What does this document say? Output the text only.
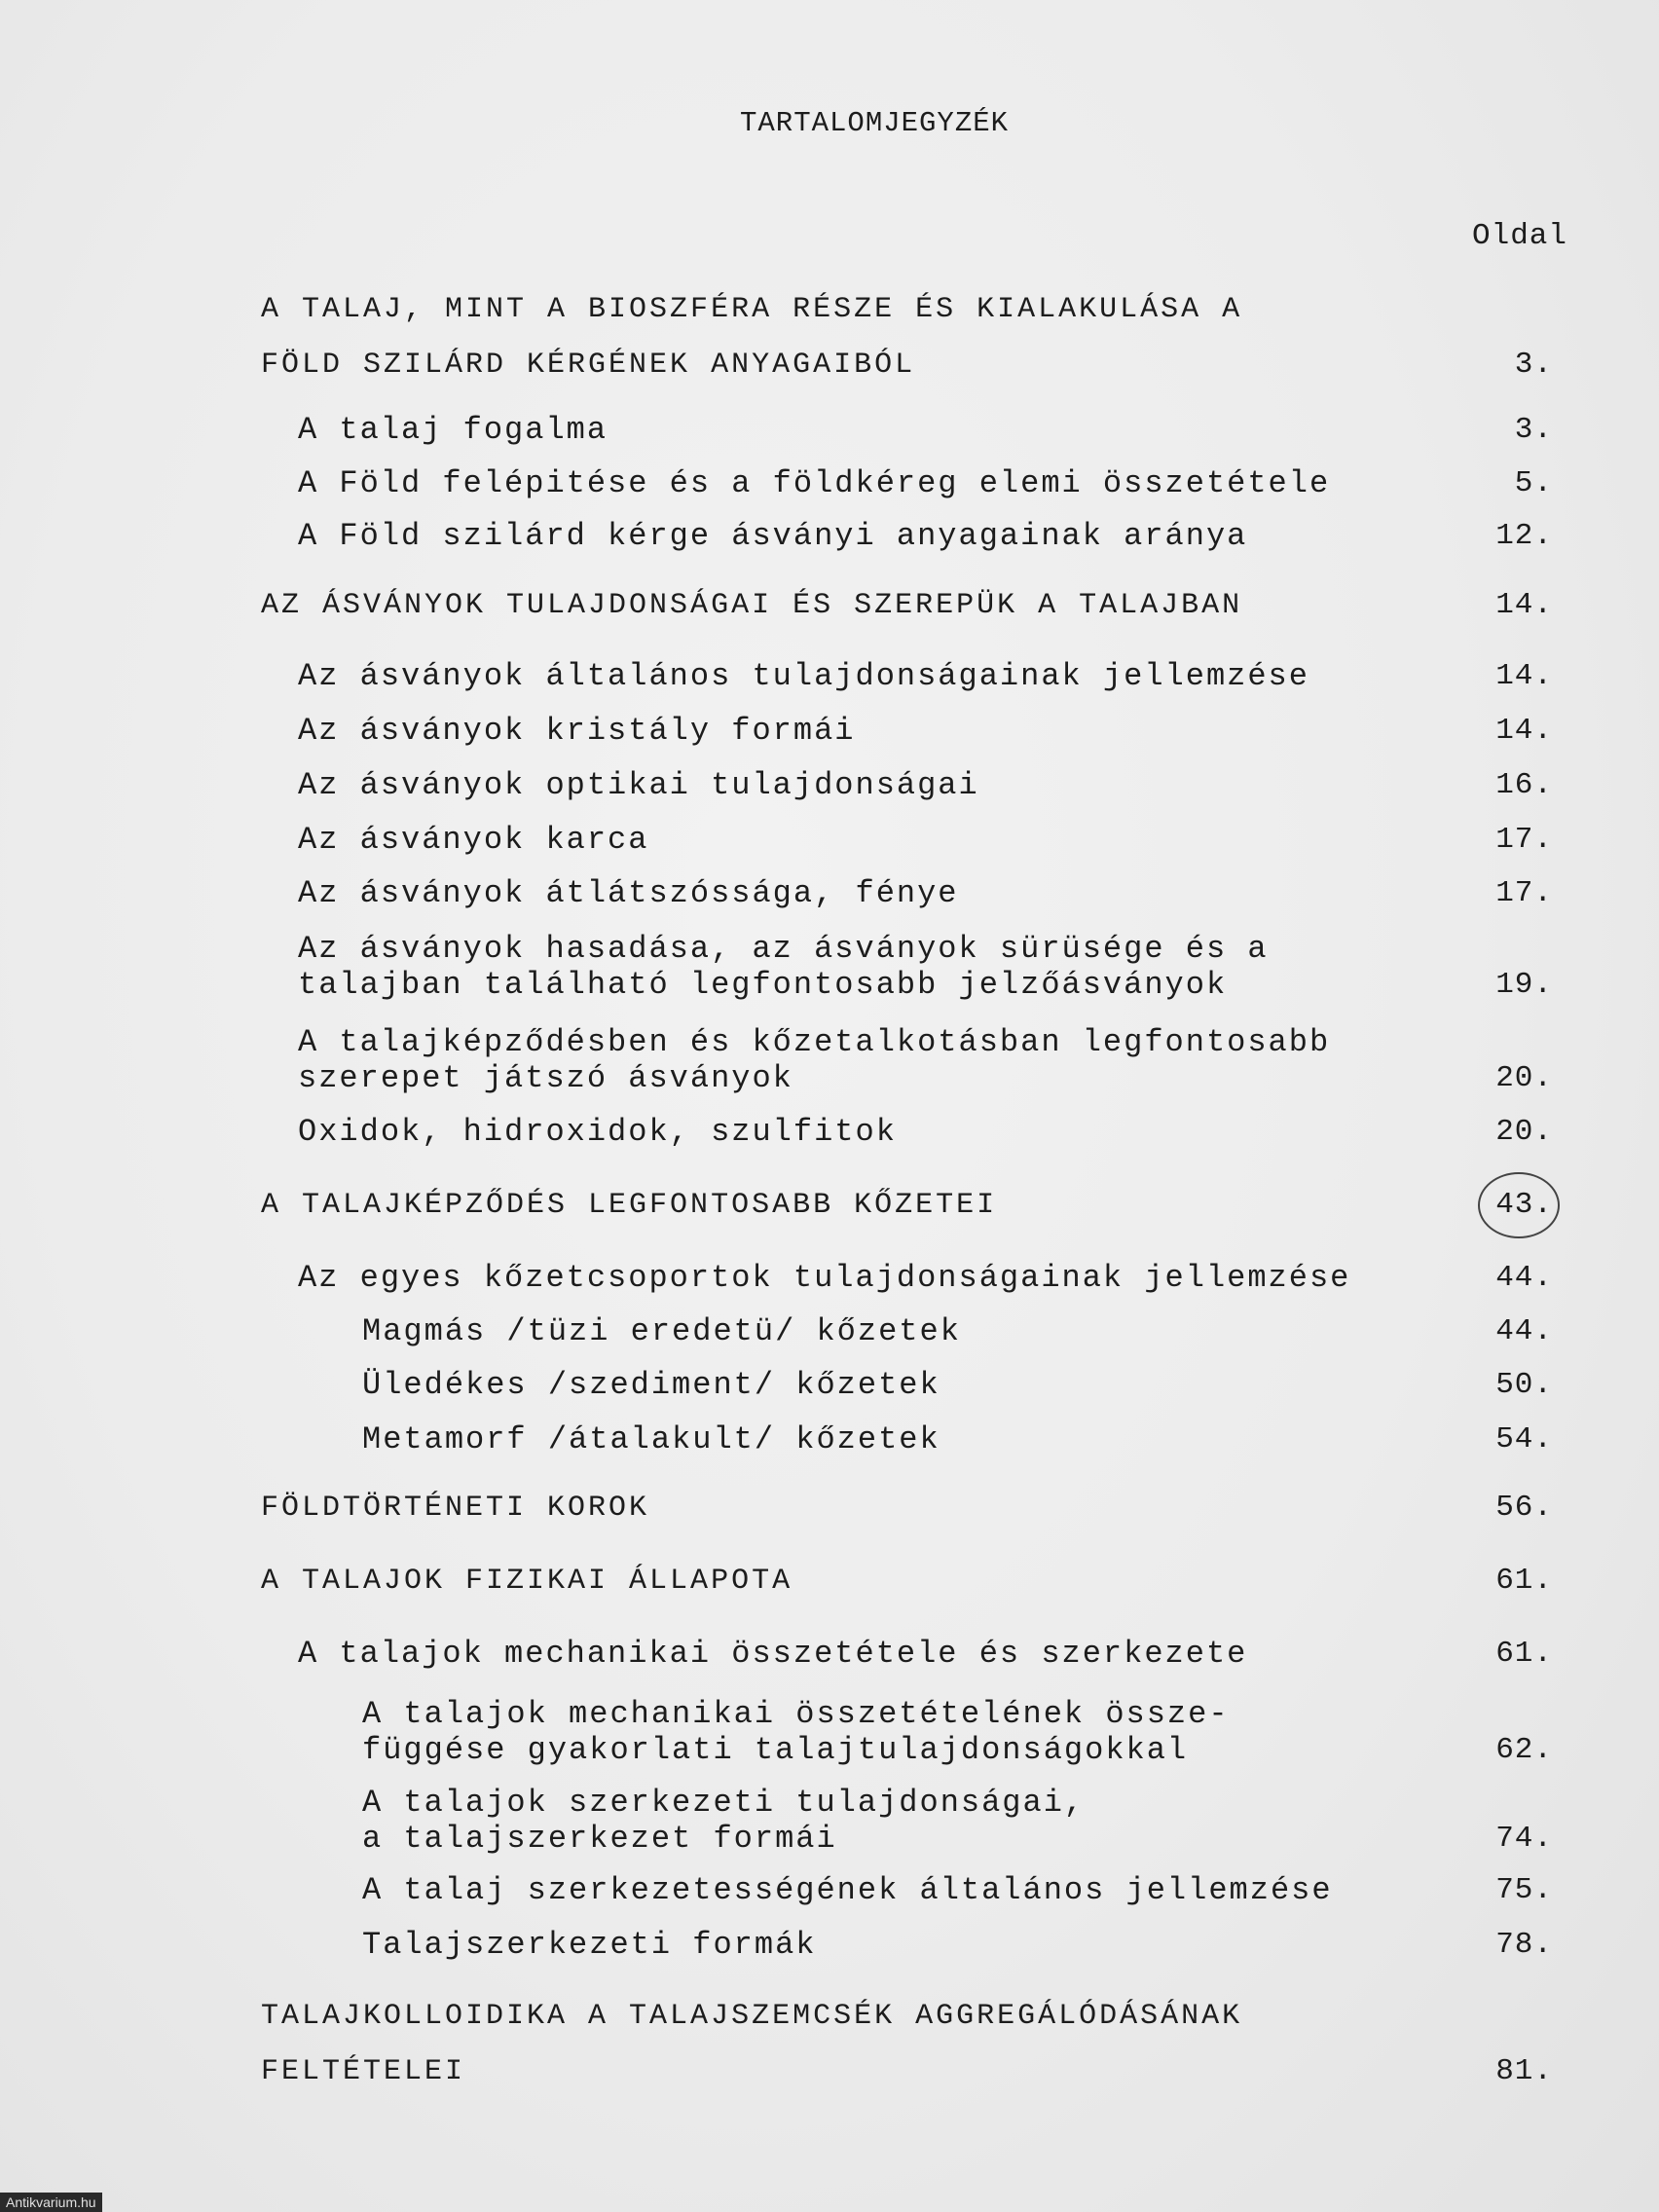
TARTALOMJEGYZÉK
Oldal
A TALAJ, MINT A BIOSZFÉRA RÉSZE ÉS KIALAKULÁSA A
FÖLD SZILÁRD KÉRGÉNEK ANYAGAIBÓL	3.
A talaj fogalma	3.
A Föld felépitése és a földkéreg elemi összetétele	5.
A Föld szilárd kérge ásványi anyagainak aránya	12.
AZ ÁSVÁNYOK TULAJDONSÁGAI ÉS SZEREPÜK A TALAJBAN	14.
Az ásványok általános tulajdonságainak jellemzése	14.
Az ásványok kristály formái	14.
Az ásványok optikai tulajdonságai	16.
Az ásványok karca	17.
Az ásványok átlátszóssága, fénye	17.
Az ásványok hasadása, az ásványok sürüsége és a
talajban található legfontosabb jelzőásványok	19.
A talajképződésben és kőzetalkotásban legfontosabb
szerepet játszó ásványok	20.
Oxidok, hidroxidok, szulfitok	20.
A TALAJKÉPZŐDÉS LEGFONTOSABB KŐZETEI	43.
Az egyes kőzetcsoportok tulajdonságainak jellemzése	44.
Magmás /tüzi eredetü/ kőzetek	44.
Üledékes /szediment/ kőzetek	50.
Metamorf /átalakult/ kőzetek	54.
FÖLDTÖRTÉNETI KOROK	56.
A TALAJOK FIZIKAI ÁLLAPOTA	61.
A talajok mechanikai összetétele és szerkezete	61.
A talajok mechanikai összetételének össze-
függése gyakorlati talajtulajdonságokkal	62.
A talajok szerkezeti tulajdonságai,
a talajszerkezet formái	74.
A talaj szerkezetességének általános jellemzése	75.
Talajszerkezeti formák	78.
TALAJKOLLOIDIKA A TALAJSZEMCSÉK AGGREGÁLÓDÁSÁNAK
FELTÉTELEI	81.
Antikvarium.hu
